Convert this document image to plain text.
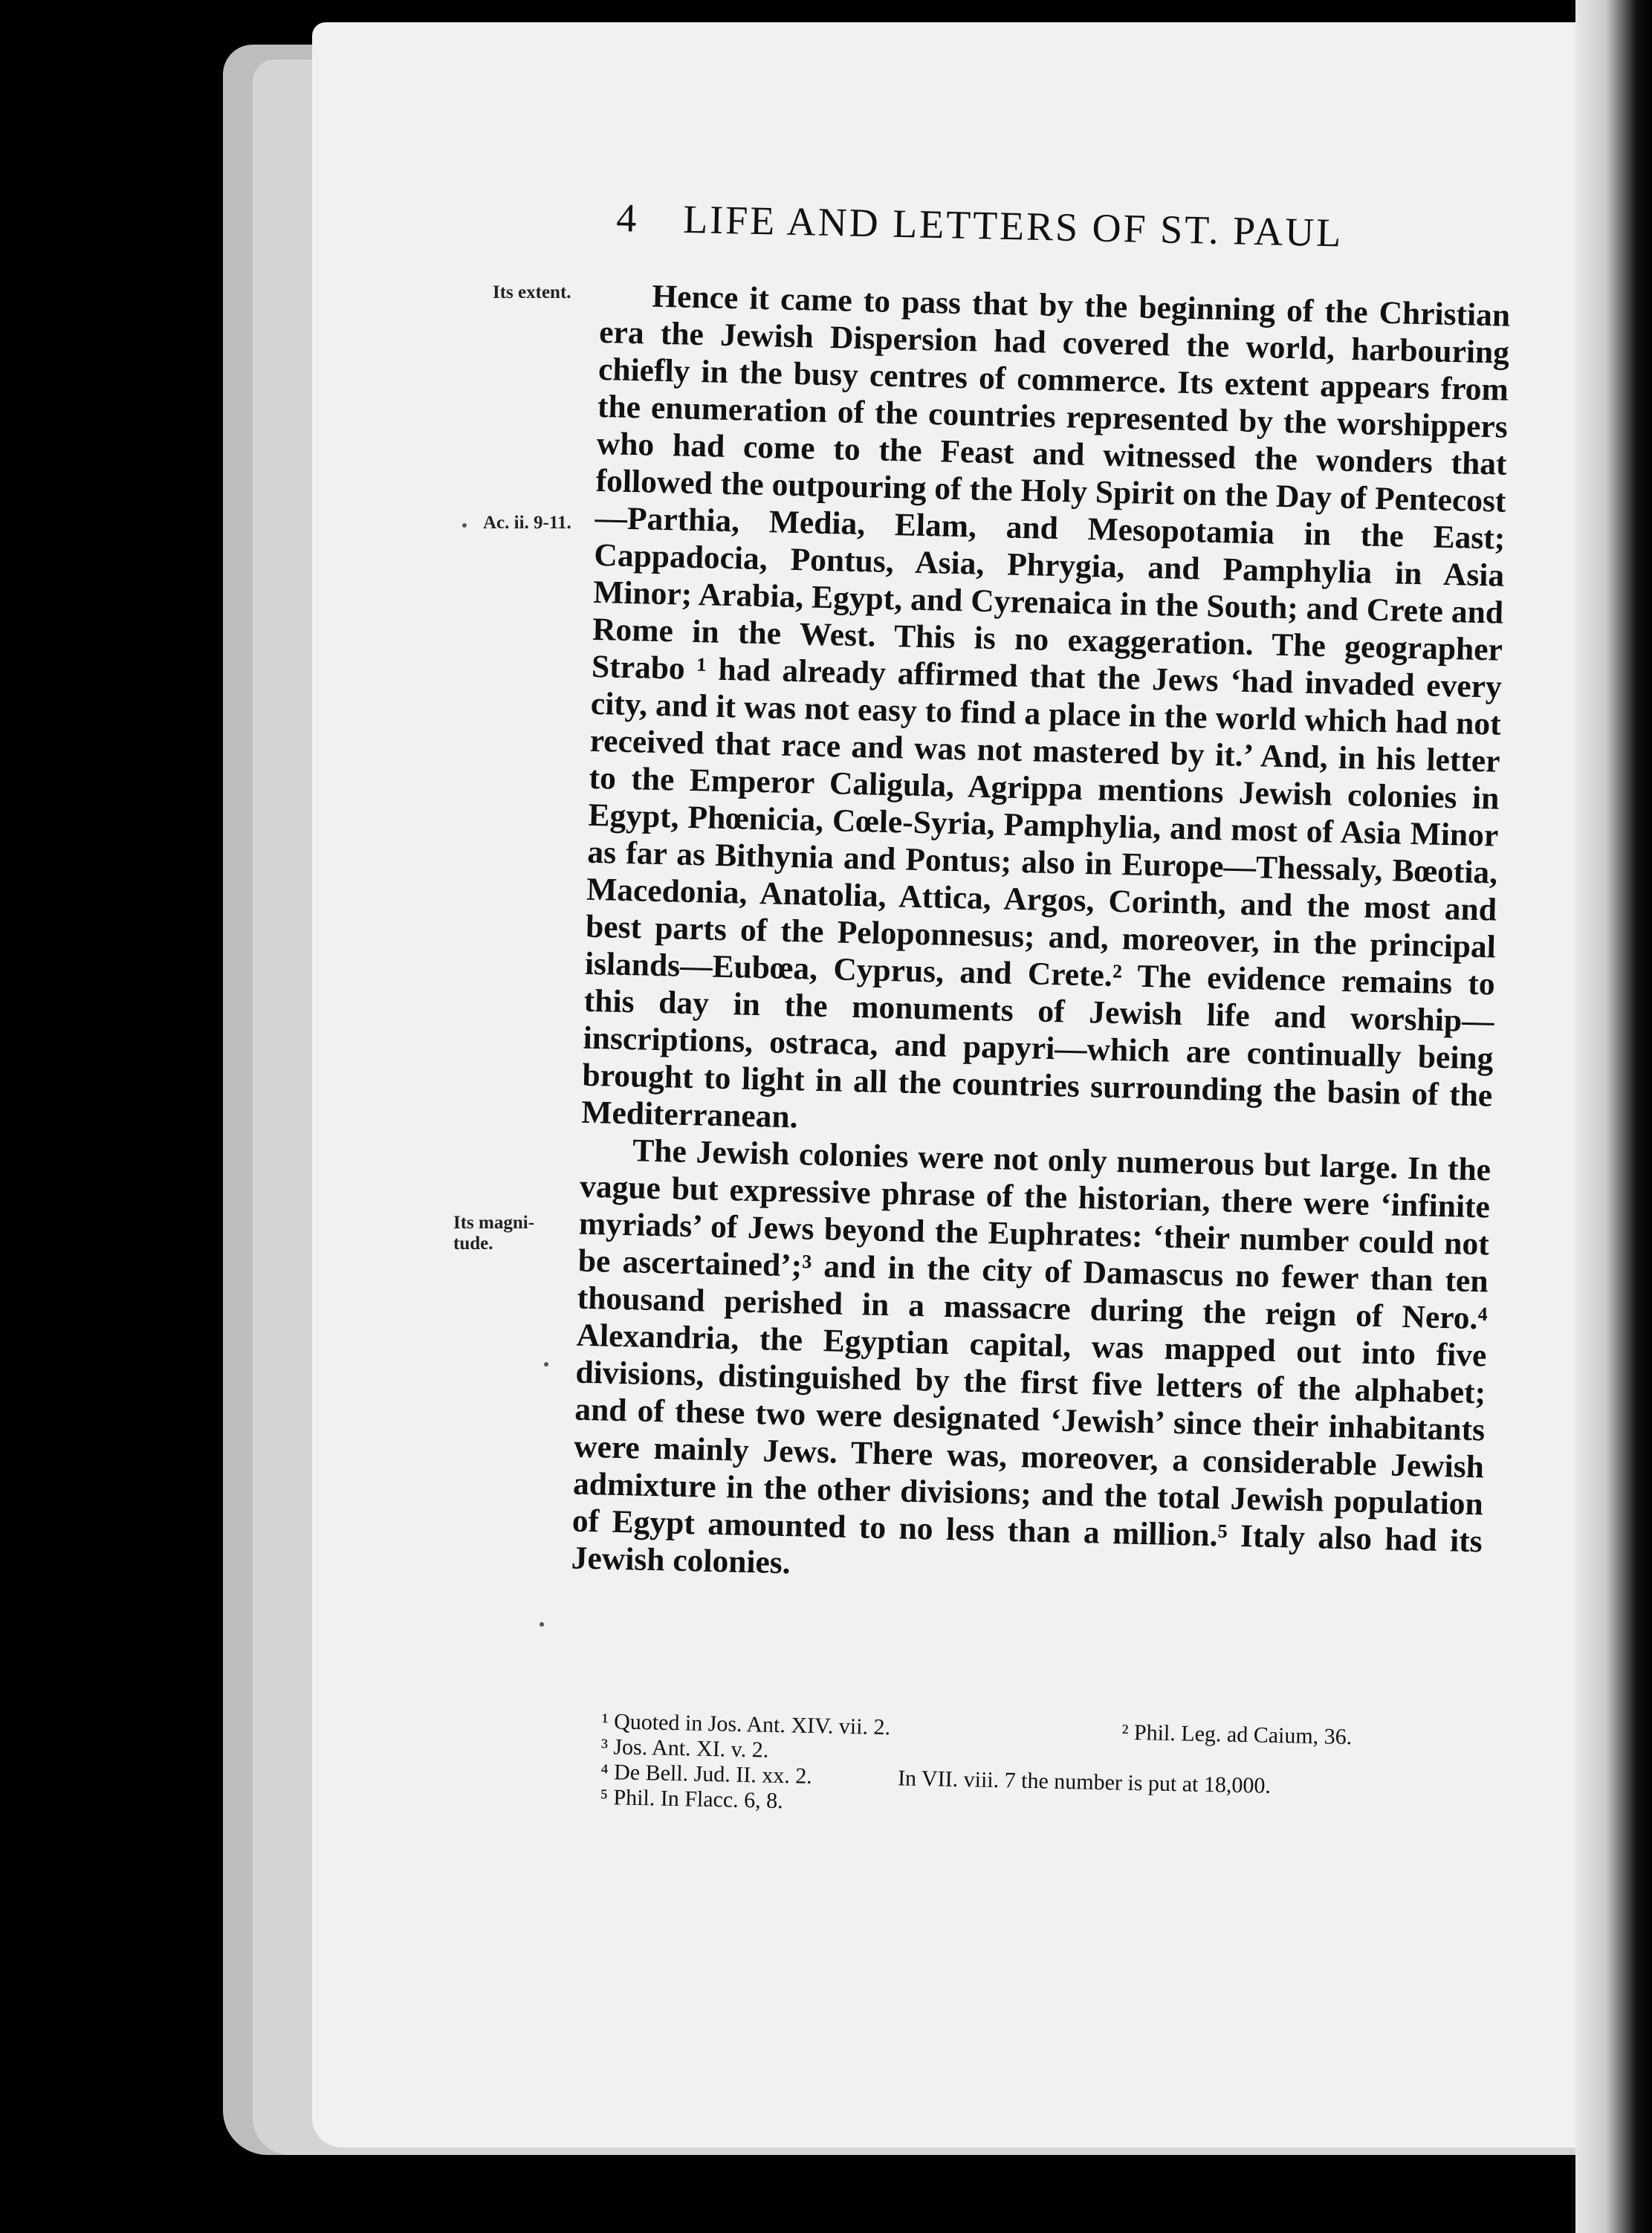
4 LIFE AND LETTERS OF ST. PAUL
Its extent.
Ac. ii. 9-11.
Its magni-
tude.

Hence it came to pass that by the beginning of the Christian era the Jewish Dispersion had covered the world, harbouring chiefly in the busy centres of commerce. Its extent appears from the enumeration of the countries represented by the worshippers who had come to the Feast and witnessed the wonders that followed the outpouring of the Holy Spirit on the Day of Pentecost—Parthia, Media, Elam, and Mesopotamia in the East; Cappadocia, Pontus, Asia, Phrygia, and Pamphylia in Asia Minor; Arabia, Egypt, and Cyrenaica in the South; and Crete and Rome in the West. This is no exaggeration. The geographer Strabo ¹ had already affirmed that the Jews ‘had invaded every city, and it was not easy to find a place in the world which had not received that race and was not mastered by it.’ And, in his letter to the Emperor Caligula, Agrippa mentions Jewish colonies in Egypt, Phœnicia, Cœle-Syria, Pamphylia, and most of Asia Minor as far as Bithynia and Pontus; also in Europe—Thessaly, Bœotia, Macedonia, Anatolia, Attica, Argos, Corinth, and the most and best parts of the Peloponnesus; and, moreover, in the principal islands—Eubœa, Cyprus, and Crete.² The evidence remains to this day in the monuments of Jewish life and worship—inscriptions, ostraca, and papyri—which are continually being brought to light in all the countries surrounding the basin of the Mediterranean.

The Jewish colonies were not only numerous but large. In the vague but expressive phrase of the historian, there were ‘infinite myriads’ of Jews beyond the Euphrates: ‘their number could not be ascertained’;³ and in the city of Damascus no fewer than ten thousand perished in a massacre during the reign of Nero.⁴ Alexandria, the Egyptian capital, was mapped out into five divisions, distinguished by the first five letters of the alphabet; and of these two were designated ‘Jewish’ since their inhabitants were mainly Jews. There was, moreover, a considerable Jewish admixture in the other divisions; and the total Jewish population of Egypt amounted to no less than a million.⁵ Italy also had its Jewish colonies.

¹ Quoted in Jos. Ant. XIV. vii. 2.	² Phil. Leg. ad Caium, 36.
³ Jos. Ant. XI. v. 2.
⁴ De Bell. Jud. II. xx. 2.	In VII. viii. 7 the number is put at 18,000.
⁵ Phil. In Flacc. 6, 8.
